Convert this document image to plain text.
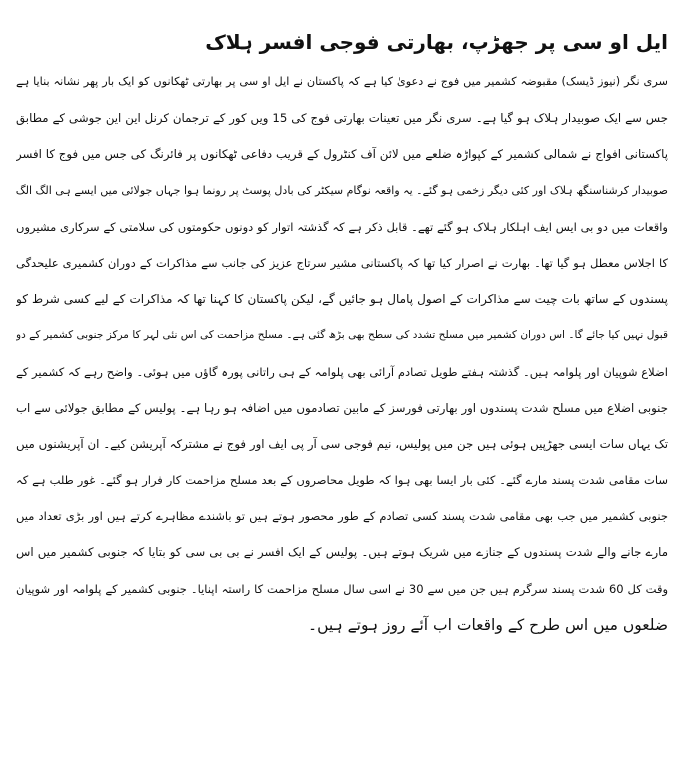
ایل او سی پر جھڑپ، بھارتی فوجی افسر ہلاک
سری نگر (نیوز ڈیسک) مقبوضہ کشمیر میں فوج نے دعویٰ کیا ہے کہ پاکستان نے ایل او سی پر بھارتی ٹھکانوں کو ایک بار پھر نشانہ بنایا ہے
جس سے ایک صوبیدار ہلاک ہو گیا ہے۔ سری نگر میں تعینات بھارتی فوج کی 15 ویں کور کے ترجمان کرنل این این جوشی کے مطابق
پاکستانی افواج نے شمالی کشمیر کے کپواڑہ ضلعے میں لائن آف کنٹرول کے قریب دفاعی ٹھکانوں پر فائرنگ کی جس میں فوج کا افسر
صوبیدار کرشناسنگھ ہلاک اور کئی دیگر زخمی ہو گئے۔ یہ واقعہ نوگام سیکٹر کی بادل پوسٹ پر رونما ہوا جہاں جولائی میں ایسے ہی الگ الگ
واقعات میں دو بی ایس ایف اہلکار ہلاک ہو گئے تھے۔ قابل ذکر ہے کہ گذشتہ اتوار کو دونوں حکومتوں کی سلامتی کے سرکاری مشیروں
کا اجلاس معطل ہو گیا تھا۔ بھارت نے اصرار کیا تھا کہ پاکستانی مشیر سرتاج عزیز کی جانب سے مذاکرات کے دوران کشمیری علیحدگی
پسندوں کے ساتھ بات چیت سے مذاکرات کے اصول پامال ہو جائیں گے، لیکن پاکستان کا کہنا تھا کہ مذاکرات کے لیے کسی شرط کو
قبول نہیں کیا جائے گا۔ اس دوران کشمیر میں مسلح تشدد کی سطح بھی بڑھ گئی ہے۔ مسلح مزاحمت کی اس نئی لہر کا مرکز جنوبی کشمیر کے دو
اضلاع شوپیان اور پلوامہ ہیں۔ گذشتہ ہفتے طویل تصادم آرائی بھی پلوامہ کے ہی راتانی پورہ گاؤں میں ہوئی۔ واضح رہے کہ کشمیر کے
جنوبی اضلاع میں مسلح شدت پسندوں اور بھارتی فورسز کے مابین تصادموں میں اضافہ ہو رہا ہے۔ پولیس کے مطابق جولائی سے اب
تک یہاں سات ایسی جھڑپیں ہوئی ہیں جن میں پولیس، نیم فوجی سی آر پی ایف اور فوج نے مشترکہ آپریشن کیے۔ ان آپریشنوں میں
سات مقامی شدت پسند مارے گئے۔ کئی بار ایسا بھی ہوا کہ طویل محاصروں کے بعد مسلح مزاحمت کار فرار ہو گئے۔ غور طلب ہے کہ
جنوبی کشمیر میں جب بھی مقامی شدت پسند کسی تصادم کے طور محصور ہوتے ہیں تو باشندے مظاہرے کرتے ہیں اور بڑی تعداد میں
مارے جانے والے شدت پسندوں کے جنازے میں شریک ہوتے ہیں۔ پولیس کے ایک افسر نے بی بی سی کو بتایا کہ جنوبی کشمیر میں اس
وقت کل 60 شدت پسند سرگرم ہیں جن میں سے 30 نے اسی سال مسلح مزاحمت کا راستہ اپنایا۔ جنوبی کشمیر کے پلوامہ اور شوپیان
ضلعوں میں اس طرح کے واقعات اب آئے روز ہوتے ہیں۔
